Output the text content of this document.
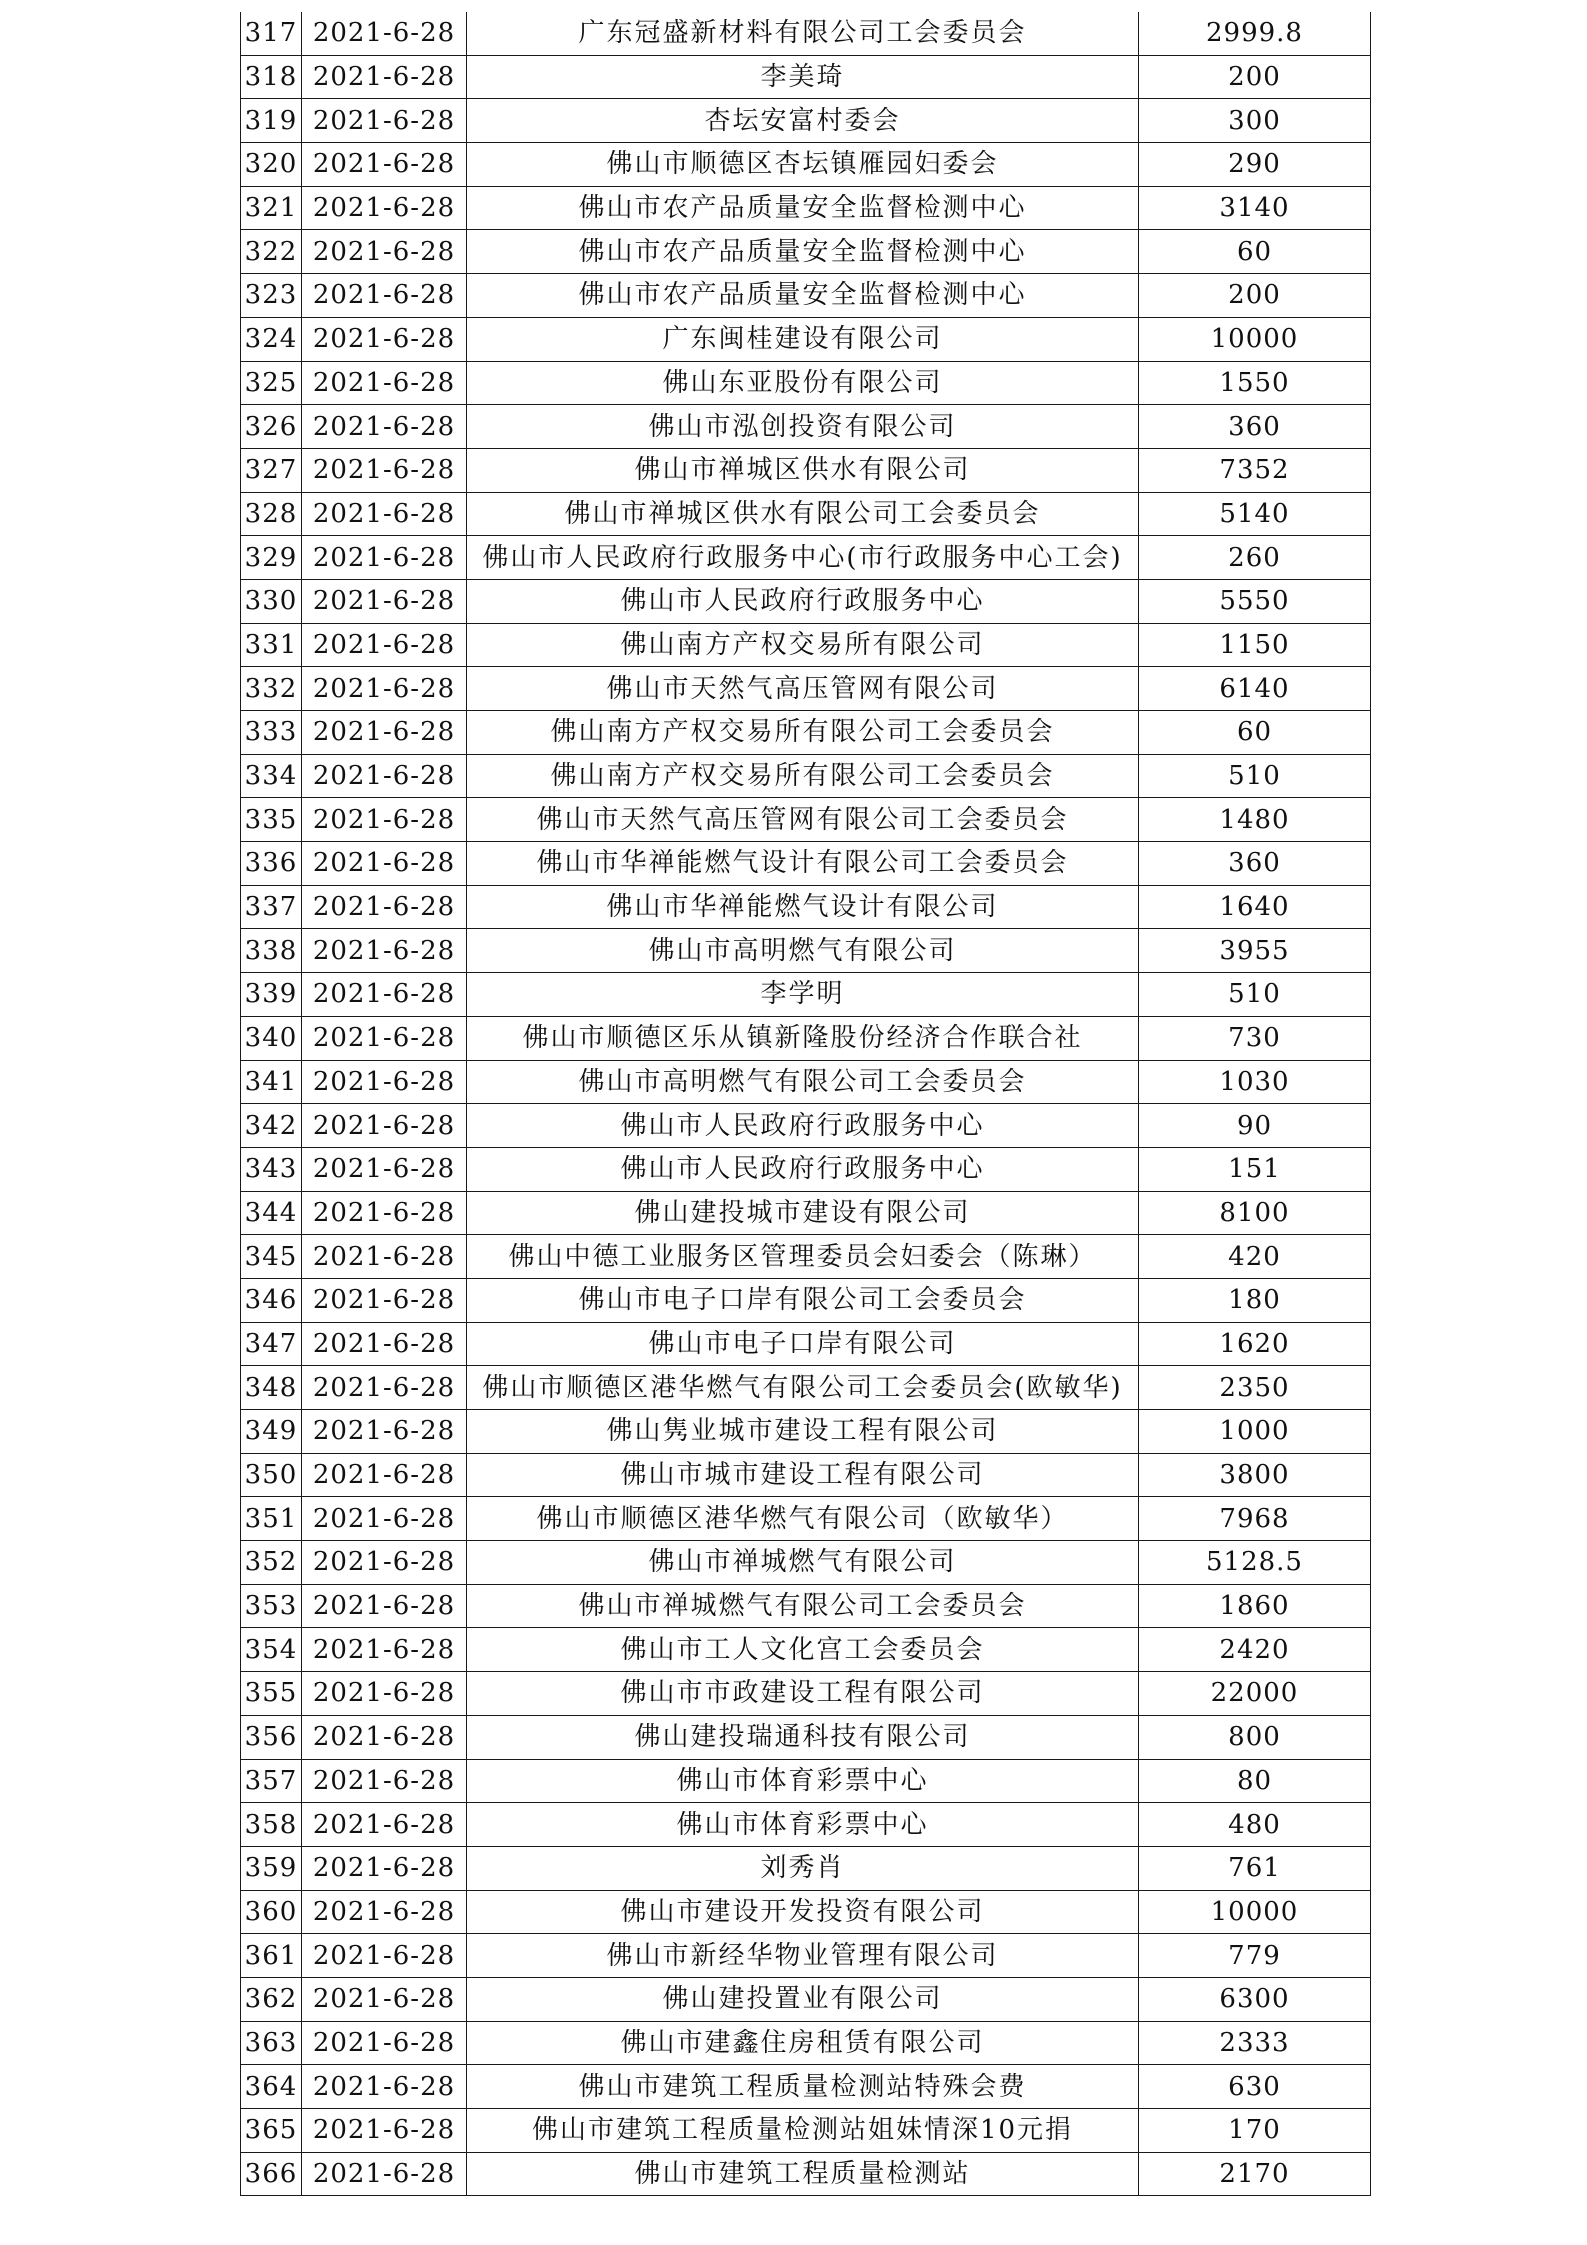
317	2021-6-28	广东冠盛新材料有限公司工会委员会	2999.8
318	2021-6-28	李美琦	200
319	2021-6-28	杏坛安富村委会	300
320	2021-6-28	佛山市顺德区杏坛镇雁园妇委会	290
321	2021-6-28	佛山市农产品质量安全监督检测中心	3140
322	2021-6-28	佛山市农产品质量安全监督检测中心	60
323	2021-6-28	佛山市农产品质量安全监督检测中心	200
324	2021-6-28	广东闽桂建设有限公司	10000
325	2021-6-28	佛山东亚股份有限公司	1550
326	2021-6-28	佛山市泓创投资有限公司	360
327	2021-6-28	佛山市禅城区供水有限公司	7352
328	2021-6-28	佛山市禅城区供水有限公司工会委员会	5140
329	2021-6-28	佛山市人民政府行政服务中心(市行政服务中心工会)	260
330	2021-6-28	佛山市人民政府行政服务中心	5550
331	2021-6-28	佛山南方产权交易所有限公司	1150
332	2021-6-28	佛山市天然气高压管网有限公司	6140
333	2021-6-28	佛山南方产权交易所有限公司工会委员会	60
334	2021-6-28	佛山南方产权交易所有限公司工会委员会	510
335	2021-6-28	佛山市天然气高压管网有限公司工会委员会	1480
336	2021-6-28	佛山市华禅能燃气设计有限公司工会委员会	360
337	2021-6-28	佛山市华禅能燃气设计有限公司	1640
338	2021-6-28	佛山市高明燃气有限公司	3955
339	2021-6-28	李学明	510
340	2021-6-28	佛山市顺德区乐从镇新隆股份经济合作联合社	730
341	2021-6-28	佛山市高明燃气有限公司工会委员会	1030
342	2021-6-28	佛山市人民政府行政服务中心	90
343	2021-6-28	佛山市人民政府行政服务中心	151
344	2021-6-28	佛山建投城市建设有限公司	8100
345	2021-6-28	佛山中德工业服务区管理委员会妇委会（陈琳）	420
346	2021-6-28	佛山市电子口岸有限公司工会委员会	180
347	2021-6-28	佛山市电子口岸有限公司	1620
348	2021-6-28	佛山市顺德区港华燃气有限公司工会委员会(欧敏华)	2350
349	2021-6-28	佛山隽业城市建设工程有限公司	1000
350	2021-6-28	佛山市城市建设工程有限公司	3800
351	2021-6-28	佛山市顺德区港华燃气有限公司（欧敏华）	7968
352	2021-6-28	佛山市禅城燃气有限公司	5128.5
353	2021-6-28	佛山市禅城燃气有限公司工会委员会	1860
354	2021-6-28	佛山市工人文化宫工会委员会	2420
355	2021-6-28	佛山市市政建设工程有限公司	22000
356	2021-6-28	佛山建投瑞通科技有限公司	800
357	2021-6-28	佛山市体育彩票中心	80
358	2021-6-28	佛山市体育彩票中心	480
359	2021-6-28	刘秀肖	761
360	2021-6-28	佛山市建设开发投资有限公司	10000
361	2021-6-28	佛山市新经华物业管理有限公司	779
362	2021-6-28	佛山建投置业有限公司	6300
363	2021-6-28	佛山市建鑫住房租赁有限公司	2333
364	2021-6-28	佛山市建筑工程质量检测站特殊会费	630
365	2021-6-28	佛山市建筑工程质量检测站姐妹情深10元捐	170
366	2021-6-28	佛山市建筑工程质量检测站	2170
